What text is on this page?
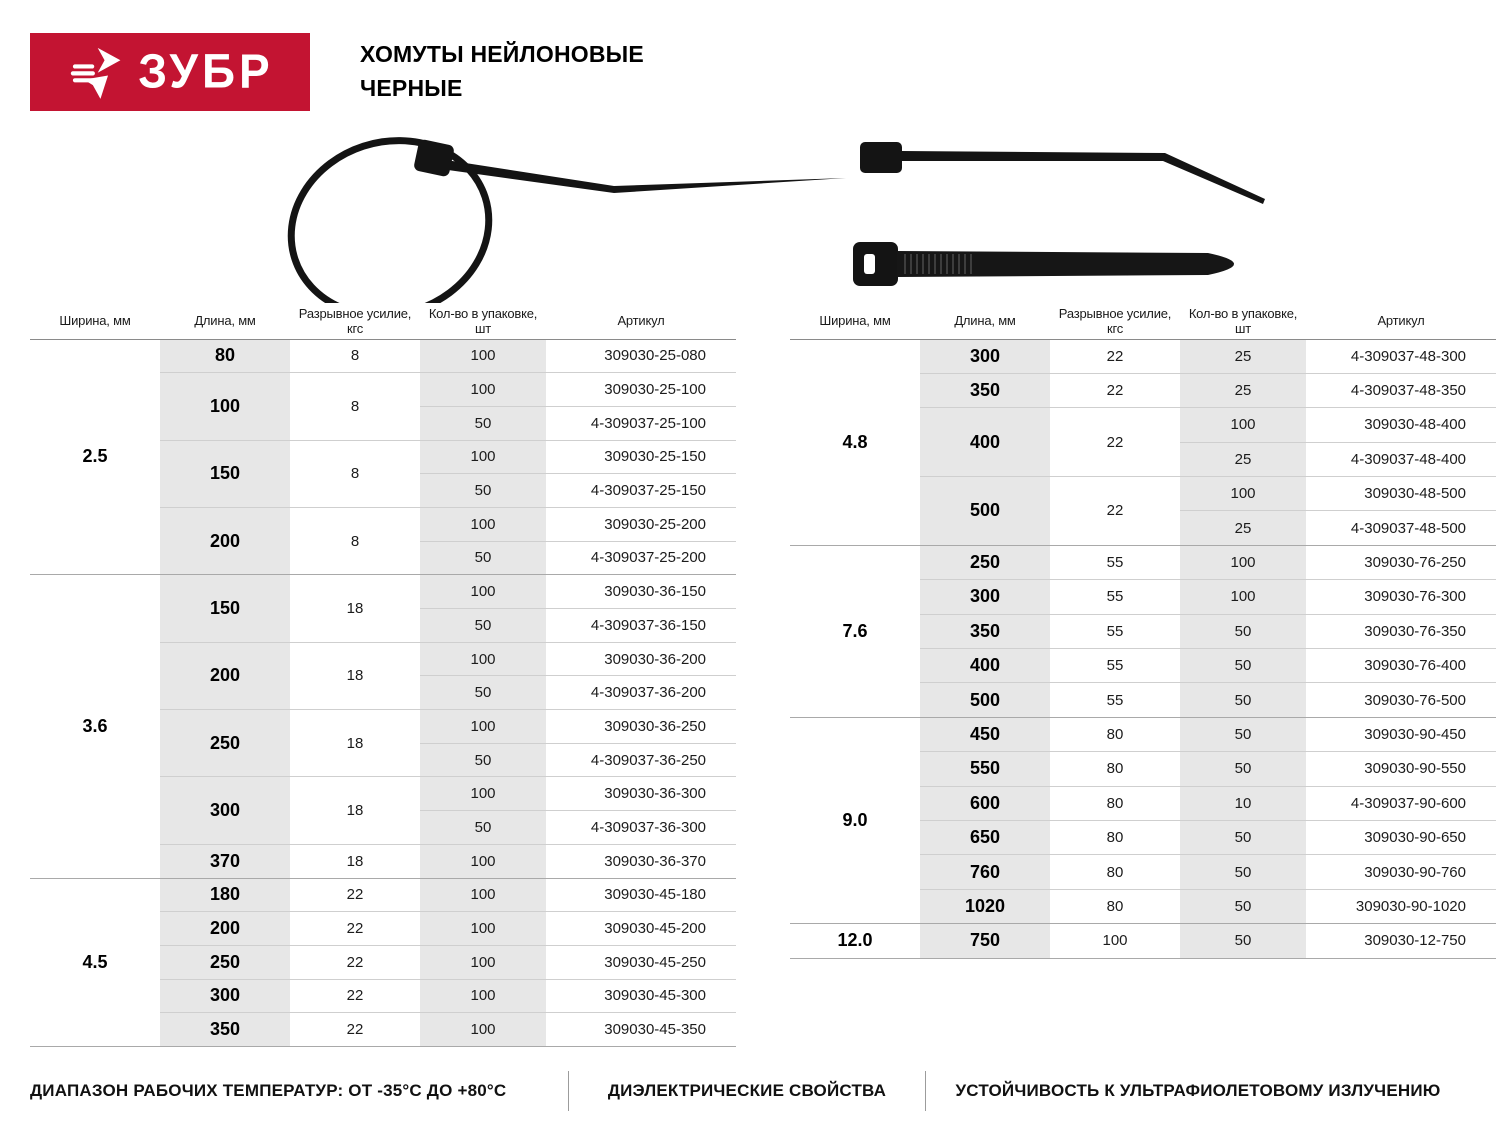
ЗУБР	ХОМУТЫ НЕЙЛОНОВЫЕ
ЧЕРНЫЕ
Ширина, мм	Длина, мм	Разрывное усилие, кгс	Кол-во в упаковке, шт	Артикул
2.5	80	8	100	309030-25-080
	100	8	100	309030-25-100
			50	4-309037-25-100
	150	8	100	309030-25-150
			50	4-309037-25-150
	200	8	100	309030-25-200
			50	4-309037-25-200
3.6	150	18	100	309030-36-150
			50	4-309037-36-150
	200	18	100	309030-36-200
			50	4-309037-36-200
	250	18	100	309030-36-250
			50	4-309037-36-250
	300	18	100	309030-36-300
			50	4-309037-36-300
	370	18	100	309030-36-370
4.5	180	22	100	309030-45-180
	200	22	100	309030-45-200
	250	22	100	309030-45-250
	300	22	100	309030-45-300
	350	22	100	309030-45-350
Ширина, мм	Длина, мм	Разрывное усилие, кгс	Кол-во в упаковке, шт	Артикул
4.8	300	22	25	4-309037-48-300
	350	22	25	4-309037-48-350
	400	22	100	309030-48-400
			25	4-309037-48-400
	500	22	100	309030-48-500
			25	4-309037-48-500
7.6	250	55	100	309030-76-250
	300	55	100	309030-76-300
	350	55	50	309030-76-350
	400	55	50	309030-76-400
	500	55	50	309030-76-500
9.0	450	80	50	309030-90-450
	550	80	50	309030-90-550
	600	80	10	4-309037-90-600
	650	80	50	309030-90-650
	760	80	50	309030-90-760
	1020	80	50	309030-90-1020
12.0	750	100	50	309030-12-750
ДИАПАЗОН РАБОЧИХ ТЕМПЕРАТУР: ОТ -35°С ДО +80°С	ДИЭЛЕКТРИЧЕСКИЕ СВОЙСТВА	УСТОЙЧИВОСТЬ К УЛЬТРАФИОЛЕТОВОМУ ИЗЛУЧЕНИЮ
